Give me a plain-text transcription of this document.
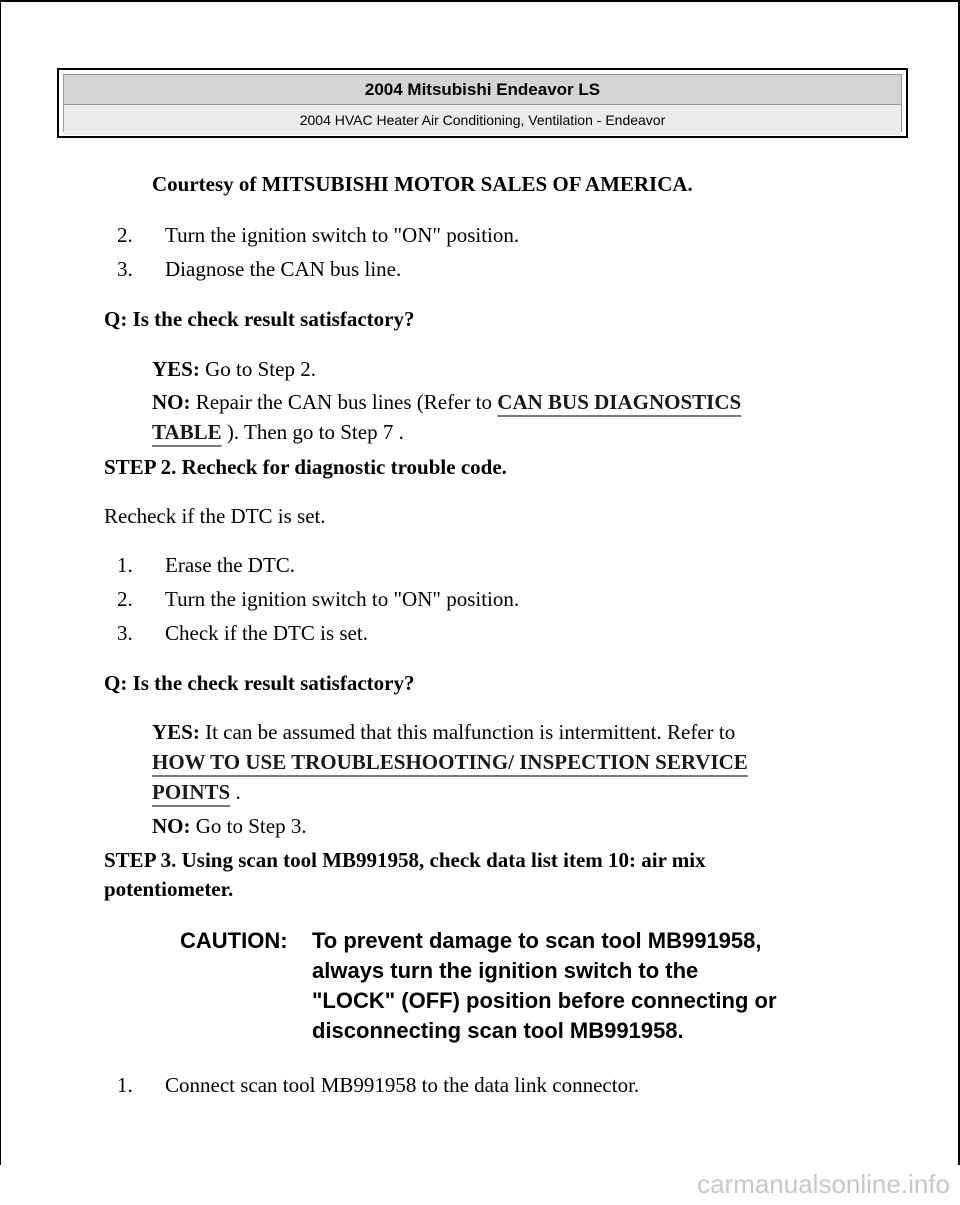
2004 Mitsubishi Endeavor LS
2004 HVAC Heater Air Conditioning, Ventilation - Endeavor
Courtesy of MITSUBISHI MOTOR SALES OF AMERICA.
2. Turn the ignition switch to "ON" position.
3. Diagnose the CAN bus line.
Q: Is the check result satisfactory?
YES: Go to Step 2.
NO: Repair the CAN bus lines (Refer to CAN BUS DIAGNOSTICS
TABLE ). Then go to Step 7 .
STEP 2. Recheck for diagnostic trouble code.
Recheck if the DTC is set.
1. Erase the DTC.
2. Turn the ignition switch to "ON" position.
3. Check if the DTC is set.
Q: Is the check result satisfactory?
YES: It can be assumed that this malfunction is intermittent. Refer to
HOW TO USE TROUBLESHOOTING/ INSPECTION SERVICE
POINTS .
NO: Go to Step 3.
STEP 3. Using scan tool MB991958, check data list item 10: air mix
potentiometer.
CAUTION: To prevent damage to scan tool MB991958,
always turn the ignition switch to the
"LOCK" (OFF) position before connecting or
disconnecting scan tool MB991958.
1. Connect scan tool MB991958 to the data link connector.
carmanualsonline.info
